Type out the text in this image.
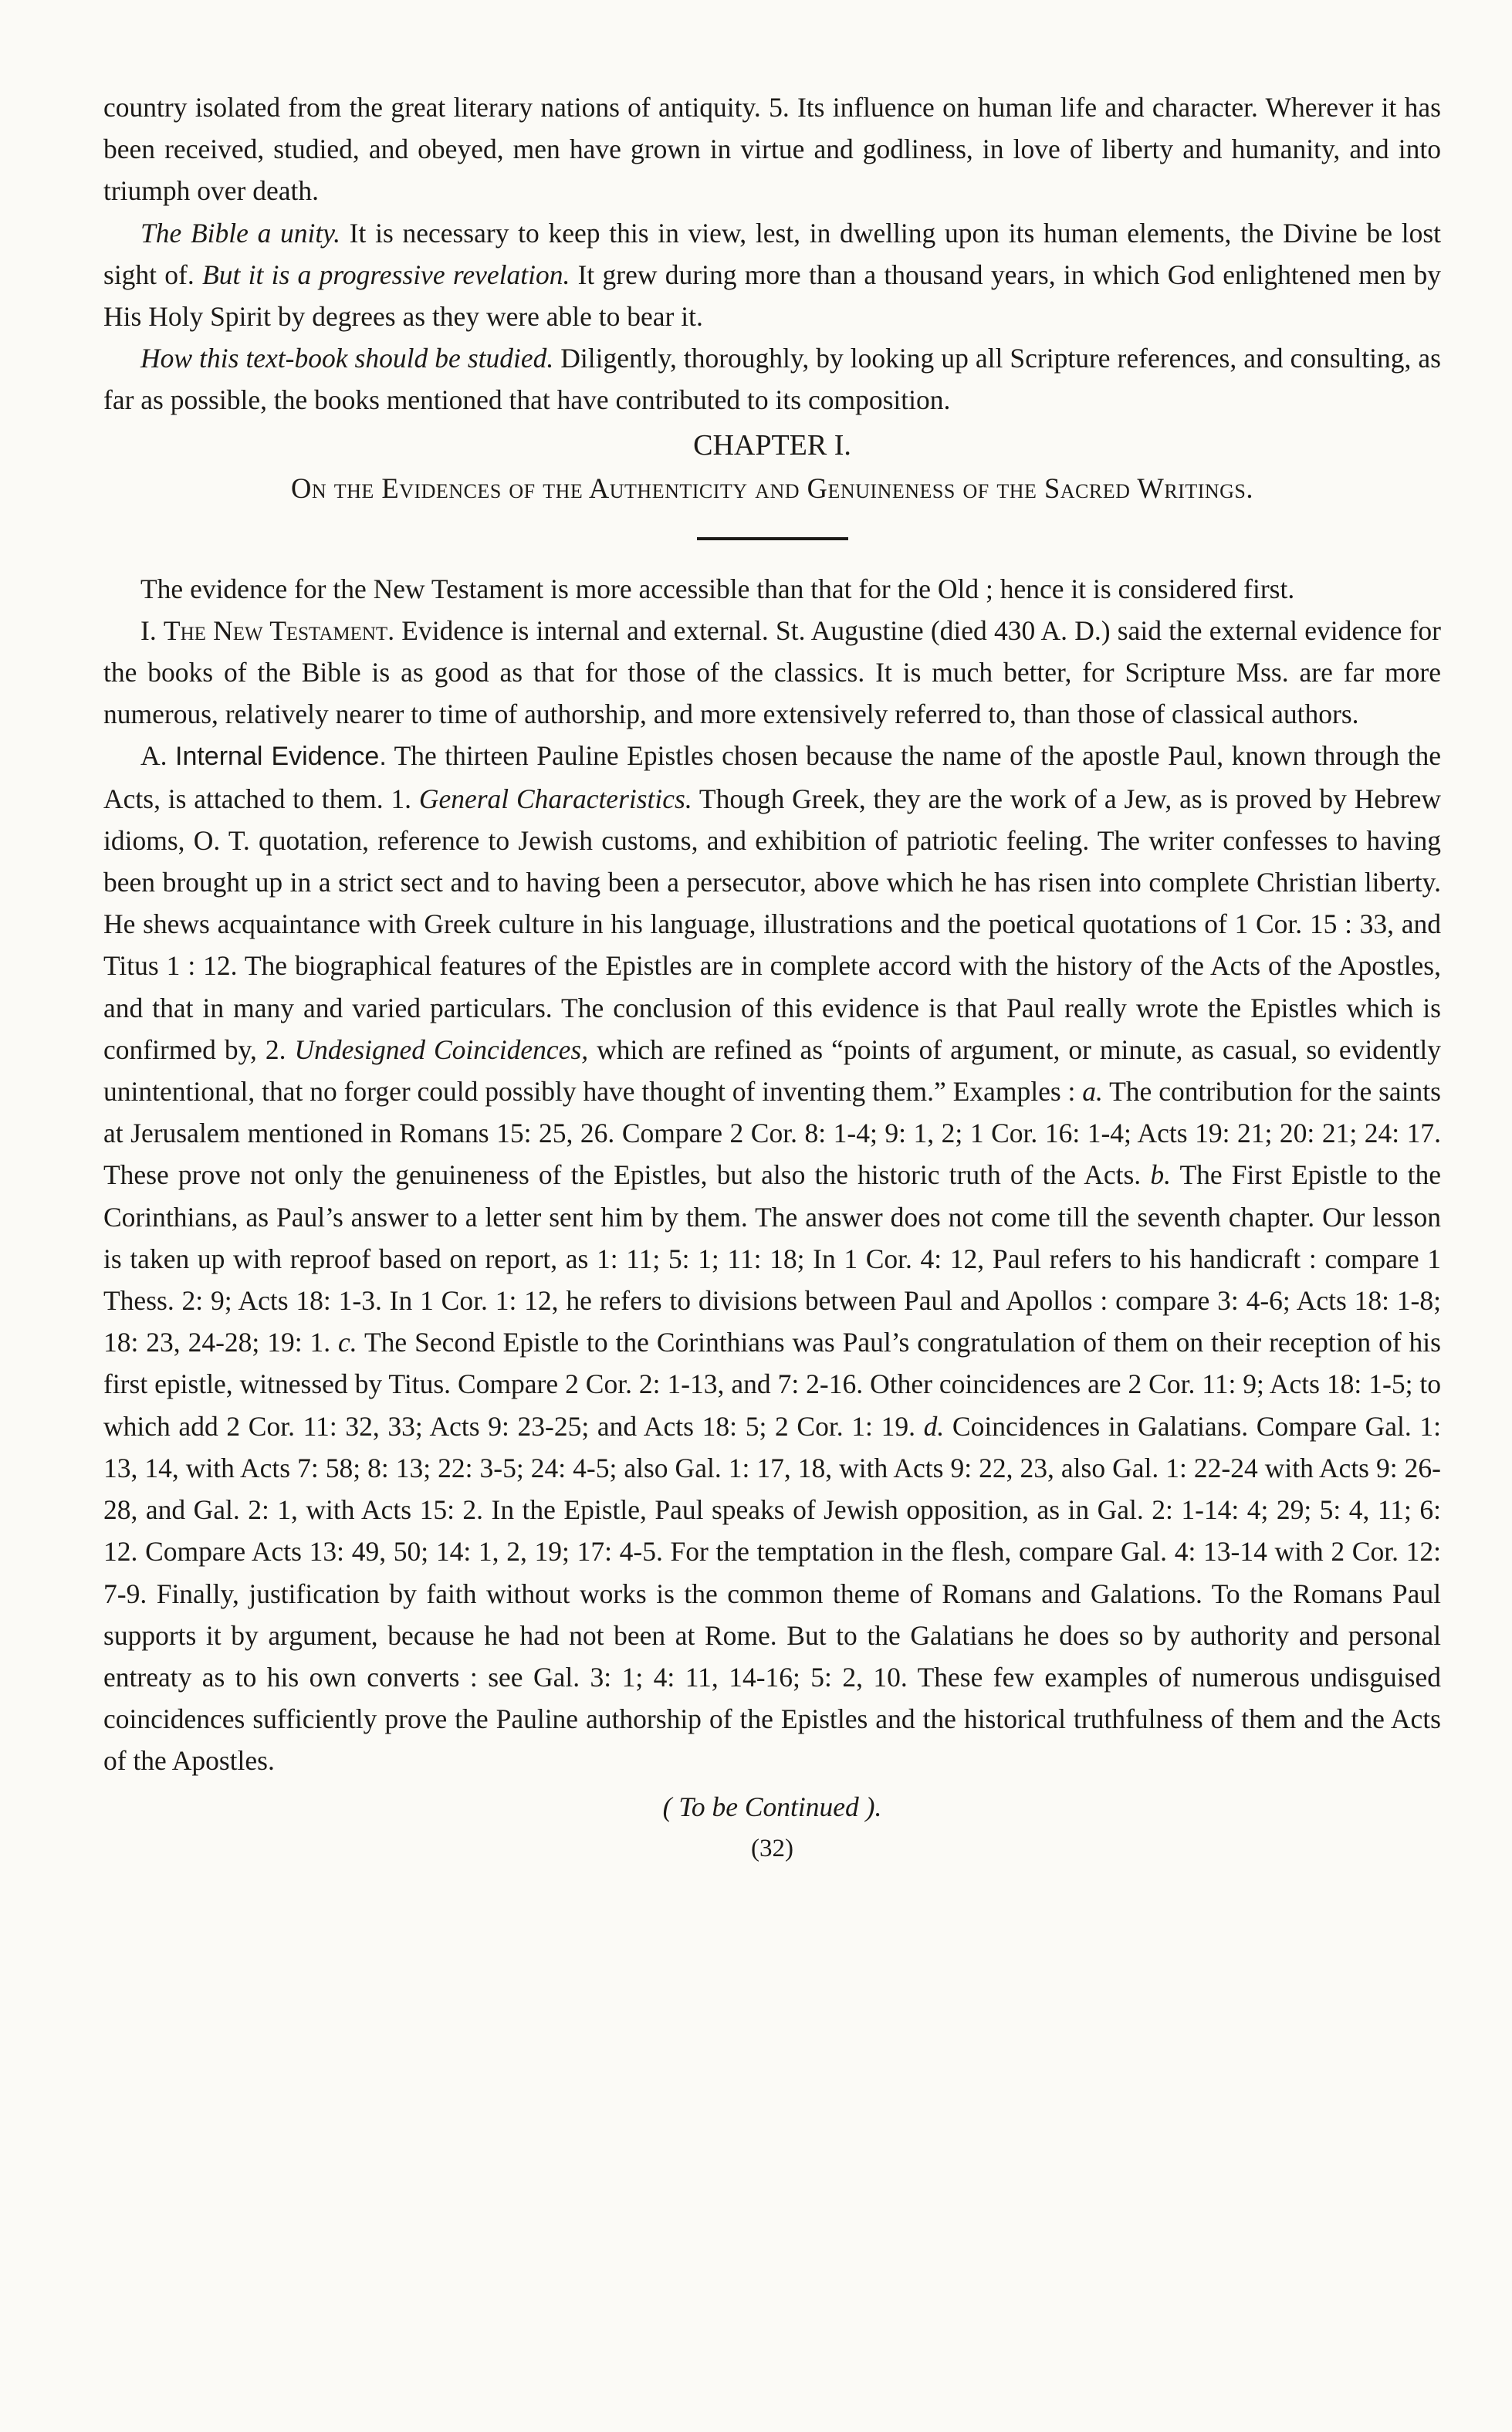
country isolated from the great literary nations of antiquity. 5. Its influence on human life and character. Wherever it has been received, studied, and obeyed, men have grown in virtue and godliness, in love of liberty and humanity, and into triumph over death.

The Bible a unity. It is necessary to keep this in view, lest, in dwelling upon its human elements, the Divine be lost sight of. But it is a progressive revelation. It grew during more than a thousand years, in which God enlightened men by His Holy Spirit by degrees as they were able to bear it.

How this text-book should be studied. Diligently, thoroughly, by looking up all Scripture references, and consulting, as far as possible, the books mentioned that have contributed to its composition.

CHAPTER I.
On the Evidences of the Authenticity and Genuineness of the Sacred Writings.

The evidence for the New Testament is more accessible than that for the Old ; hence it is considered first.

I. The New Testament. Evidence is internal and external. St. Augustine (died 430 A. D.) said the external evidence for the books of the Bible is as good as that for those of the classics. It is much better, for Scripture Mss. are far more numerous, relatively nearer to time of authorship, and more extensively referred to, than those of classical authors.

A. Internal Evidence. The thirteen Pauline Epistles chosen because the name of the apostle Paul, known through the Acts, is attached to them. 1. General Characteristics. Though Greek, they are the work of a Jew, as is proved by Hebrew idioms, O. T. quotation, reference to Jewish customs, and exhibition of patriotic feeling. The writer confesses to having been brought up in a strict sect and to having been a persecutor, above which he has risen into complete Christian liberty. He shews acquaintance with Greek culture in his language, illustrations and the poetical quotations of 1 Cor. 15 : 33, and Titus 1 : 12. The biographical features of the Epistles are in complete accord with the history of the Acts of the Apostles, and that in many and varied particulars. The conclusion of this evidence is that Paul really wrote the Epistles which is confirmed by, 2. Undesigned Coincidences, which are refined as “points of argument, or minute, as casual, so evidently unintentional, that no forger could possibly have thought of inventing them.” Examples : a. The contribution for the saints at Jerusalem mentioned in Romans 15: 25, 26. Compare 2 Cor. 8: 1-4; 9: 1, 2; 1 Cor. 16: 1-4; Acts 19: 21; 20: 21; 24: 17. These prove not only the genuineness of the Epistles, but also the historic truth of the Acts. b. The First Epistle to the Corinthians, as Paul’s answer to a letter sent him by them. The answer does not come till the seventh chapter. Our lesson is taken up with reproof based on report, as 1: 11; 5: 1; 11: 18; In 1 Cor. 4: 12, Paul refers to his handicraft : compare 1 Thess. 2: 9; Acts 18: 1-3. In 1 Cor. 1: 12, he refers to divisions between Paul and Apollos : compare 3: 4-6; Acts 18: 1-8; 18: 23, 24-28; 19: 1. c. The Second Epistle to the Corinthians was Paul’s congratulation of them on their reception of his first epistle, witnessed by Titus. Compare 2 Cor. 2: 1-13, and 7: 2-16. Other coincidences are 2 Cor. 11: 9; Acts 18: 1-5; to which add 2 Cor. 11: 32, 33; Acts 9: 23-25; and Acts 18: 5; 2 Cor. 1: 19. d. Coincidences in Galatians. Compare Gal. 1: 13, 14, with Acts 7: 58; 8: 13; 22: 3-5; 24: 4-5; also Gal. 1: 17, 18, with Acts 9: 22, 23, also Gal. 1: 22-24 with Acts 9: 26-28, and Gal. 2: 1, with Acts 15: 2. In the Epistle, Paul speaks of Jewish opposition, as in Gal. 2: 1-14: 4; 29; 5: 4, 11; 6: 12. Compare Acts 13: 49, 50; 14: 1, 2, 19; 17: 4-5. For the temptation in the flesh, compare Gal. 4: 13-14 with 2 Cor. 12: 7-9. Finally, justification by faith without works is the common theme of Romans and Galations. To the Romans Paul supports it by argument, because he had not been at Rome. But to the Galatians he does so by authority and personal entreaty as to his own converts : see Gal. 3: 1; 4: 11, 14-16; 5: 2, 10. These few examples of numerous undisguised coincidences sufficiently prove the Pauline authorship of the Epistles and the historical truthfulness of them and the Acts of the Apostles.

( To be Continued ).
(32)
